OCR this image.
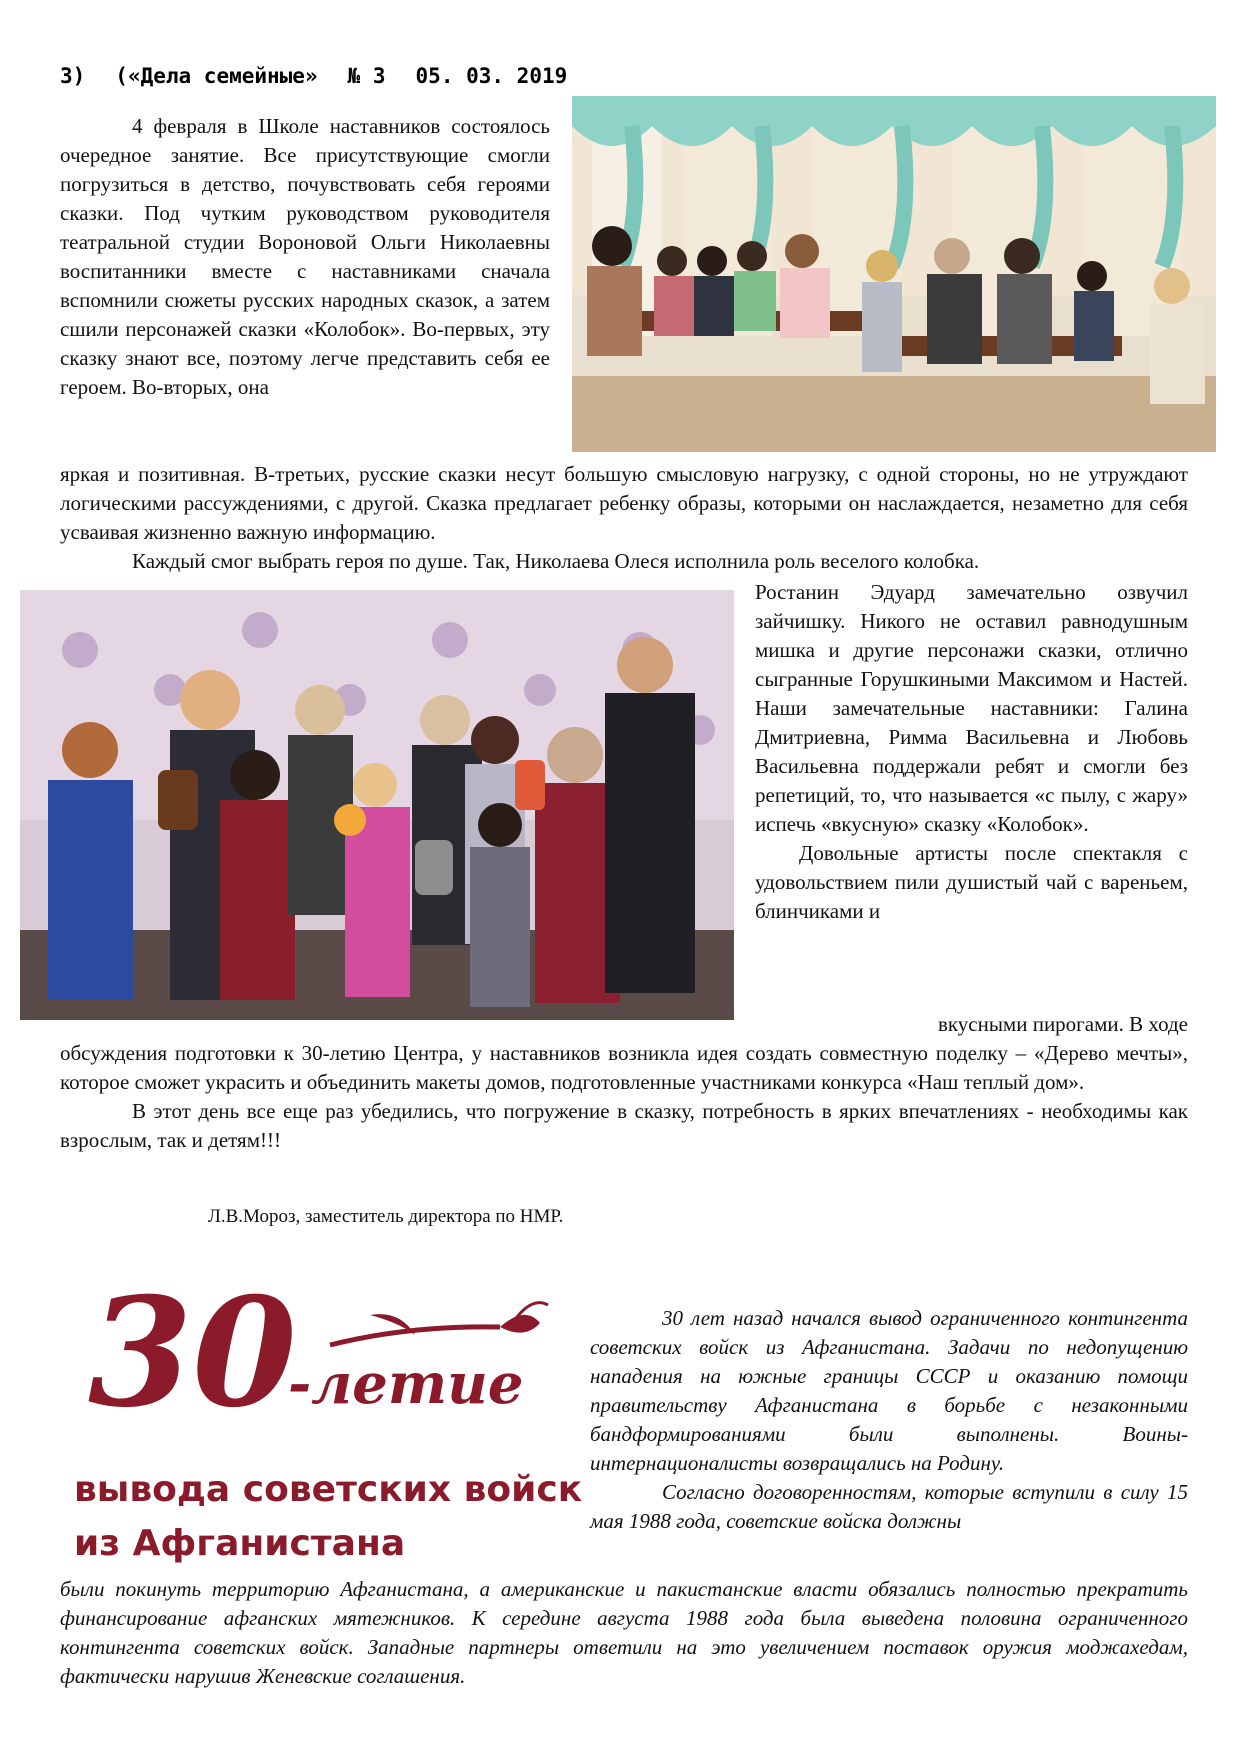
3) («Дела семейные» № 3 05. 03. 2019

4 февраля в Школе наставников состоялось очередное занятие. Все присутствующие смогли погрузиться в детство, почувствовать себя героями сказки. Под чутким руководством руководителя театральной студии Вороновой Ольги Николаевны воспитанники вместе с наставниками сначала вспомнили сюжеты русских народных сказок, а затем сшили персонажей сказки «Колобок». Во-первых, эту сказку знают все, поэтому легче представить себя ее героем. Во-вторых, она

яркая и позитивная. В-третьих, русские сказки несут большую смысловую нагрузку, с одной стороны, но не утруждают логическими рассуждениями, с другой. Сказка предлагает ребенку образы, которыми он наслаждается, незаметно для себя усваивая жизненно важную информацию.

Каждый смог выбрать героя по душе. Так, Николаева Олеся исполнила роль веселого колобка.

Ростанин Эдуард замечательно озвучил зайчишку. Никого не оставил равнодушным мишка и другие персонажи сказки, отлично сыгранные Горушкиными Максимом и Настей. Наши замечательные наставники: Галина Дмитриевна, Римма Васильевна и Любовь Васильевна поддержали ребят и смогли без репетиций, то, что называется «с пылу, с жару» испечь «вкусную» сказку «Колобок».

Довольные артисты после спектакля с удовольствием пили душистый чай с вареньем, блинчиками и

вкусными пирогами. В ходе

обсуждения подготовки к 30-летию Центра, у наставников возникла идея создать совместную поделку – «Дерево мечты», которое сможет украсить и объединить макеты домов, подготовленные участниками конкурса «Наш теплый дом».

В этот день все еще раз убедились, что погружение в сказку, потребность в ярких впечатлениях - необходимы как взрослым, так и детям!!!

Л.В.Мороз, заместитель директора по НМР.
30
-летие
вывода советских войск
из Афганистана

30 лет назад начался вывод ограниченного контингента советских войск из Афганистана. Задачи по недопущению нападения на южные границы СССР и оказанию помощи правительству Афганистана в борьбе с незаконными бандформированиями были выполнены. Воины-интернационалисты возвращались на Родину.

Согласно договоренностям, которые вступили в силу 15 мая 1988 года, советские войска должны

были покинуть территорию Афганистана, а американские и пакистанские власти обязались полностью прекратить финансирование афганских мятежников. К середине августа 1988 года была выведена половина ограниченного контингента советских войск. Западные партнеры ответили на это увеличением поставок оружия моджахедам, фактически нарушив Женевские соглашения.
